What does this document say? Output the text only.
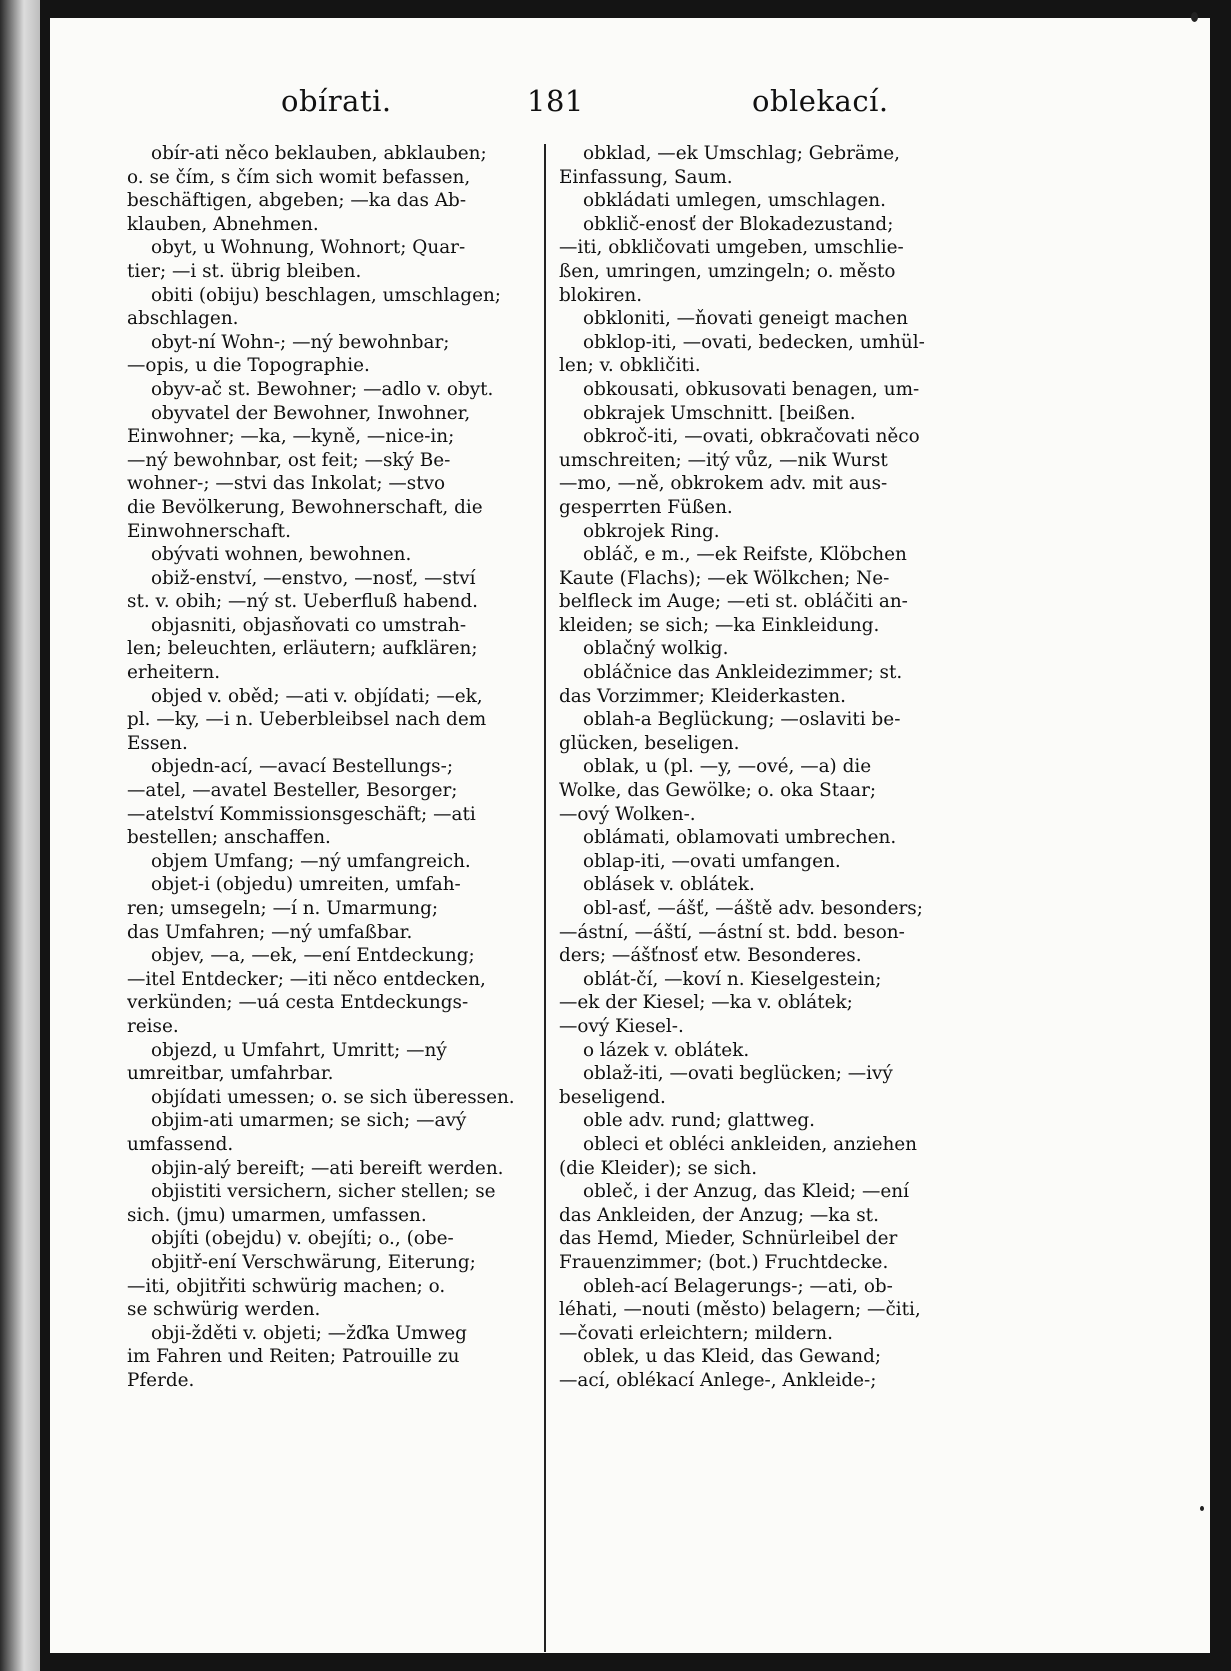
obírati.	181	oblekací.
obír-ati něco beklauben, abklauben;
o. se čím, s čím sich womit befassen,
beschäftigen, abgeben; —ka das Ab-
klauben, Abnehmen.
obyt, u Wohnung, Wohnort; Quar-
tier; —i st. übrig bleiben.
obiti (obiju) beschlagen, umschlagen;
abschlagen.
obyt-ní Wohn-; —ný bewohnbar;
—opis, u die Topographie.
obyv-ač st. Bewohner; —adlo v. obyt.
obyvatel der Bewohner, Inwohner,
Einwohner; —ka, —kyně, —nice-in;
—ný bewohnbar, ost feit; —ský Be-
wohner-; —stvi das Inkolat; —stvo
die Bevölkerung, Bewohnerschaft, die
Einwohnerschaft.
obývati wohnen, bewohnen.
obiž-enství, —enstvo, —nosť, —ství
st. v. obih; —ný st. Ueberfluß habend.
objasniti, objasňovati co umstrah-
len; beleuchten, erläutern; aufklären;
erheitern.
objed v. oběd; —ati v. objídati; —ek,
pl. —ky, —i n. Ueberbleibsel nach dem
Essen.
objedn-ací, —avací Bestellungs-;
—atel, —avatel Besteller, Besorger;
—atelství Kommissionsgeschäft; —ati
bestellen; anschaffen.
objem Umfang; —ný umfangreich.
objet-i (objedu) umreiten, umfah-
ren; umsegeln; —í n. Umarmung;
das Umfahren; —ný umfaßbar.
objev, —a, —ek, —ení Entdeckung;
—itel Entdecker; —iti něco entdecken,
verkünden; —uá cesta Entdeckungs-
reise.
objezd, u Umfahrt, Umritt; —ný
umreitbar, umfahrbar.
objídati umessen; o. se sich überessen.
objim-ati umarmen; se sich; —avý
umfassend.
objin-alý bereift; —ati bereift werden.
objistiti versichern, sicher stellen; se
sich. (jmu) umarmen, umfassen.
objíti (obejdu) v. obejíti; o., (obe-
objitř-ení Verschwärung, Eiterung;
—iti, objitřiti schwürig machen; o.
se schwürig werden.
obji-žděti v. objeti; —žďka Umweg
im Fahren und Reiten; Patrouille zu
Pferde.
obklad, —ek Umschlag; Gebräme,
Einfassung, Saum.
obkládati umlegen, umschlagen.
obklič-enosť der Blokadezustand;
—iti, obkličovati umgeben, umschlie-
ßen, umringen, umzingeln; o. město
blokiren.
obkloniti, —ňovati geneigt machen
obklop-iti, —ovati, bedecken, umhül-
len; v. obkličiti.
obkousati, obkusovati benagen, um-
obkrajek Umschnitt. [beißen.
obkroč-iti, —ovati, obkračovati něco
umschreiten; —itý vůz, —nik Wurst
—mo, —ně, obkrokem adv. mit aus-
gesperrten Füßen.
obkrojek Ring.
obláč, e m., —ek Reifste, Klöbchen
Kaute (Flachs); —ek Wölkchen; Ne-
belfleck im Auge; —eti st. obláčiti an-
kleiden; se sich; —ka Einkleidung.
oblačný wolkig.
obláčnice das Ankleidezimmer; st.
das Vorzimmer; Kleiderkasten.
oblah-a Beglückung; —oslaviti be-
glücken, beseligen.
oblak, u (pl. —y, —ové, —a) die
Wolke, das Gewölke; o. oka Staar;
—ový Wolken-.
oblámati, oblamovati umbrechen.
oblap-iti, —ovati umfangen.
oblásek v. oblátek.
obl-asť, —ášť, —áště adv. besonders;
—ástní, —áští, —ástní st. bdd. beson-
ders; —ášťnosť etw. Besonderes.
oblát-čí, —koví n. Kieselgestein;
—ek der Kiesel; —ka v. oblátek;
—ový Kiesel-.
o lázek v. oblátek.
oblaž-iti, —ovati beglücken; —ivý
beseligend.
oble adv. rund; glattweg.
obleci et obléci ankleiden, anziehen
(die Kleider); se sich.
obleč, i der Anzug, das Kleid; —ení
das Ankleiden, der Anzug; —ka st.
das Hemd, Mieder, Schnürleibel der
Frauenzimmer; (bot.) Fruchtdecke.
obleh-ací Belagerungs-; —ati, ob-
léhati, —nouti (město) belagern; —čiti,
—čovati erleichtern; mildern.
oblek, u das Kleid, das Gewand;
—ací, oblékací Anlege-, Ankleide-;
